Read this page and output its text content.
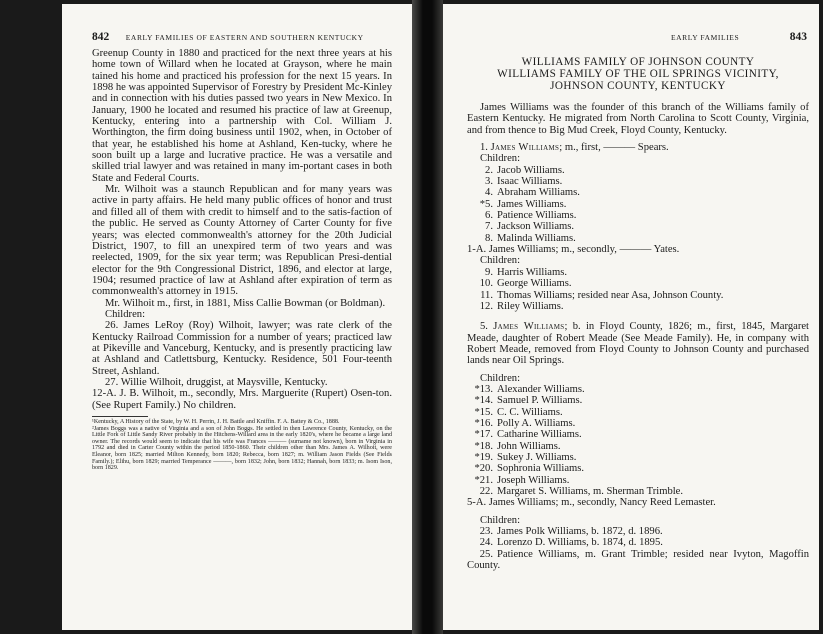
842 EARLY FAMILIES OF EASTERN AND SOUTHERN KENTUCKY

Greenup County in 1880 and practiced for the next three years at his home town of Willard when he located at Grayson, where he main tained his home and practiced his profession for the next 15 years. In 1898 he was appointed Supervisor of Forestry by President Mc-Kinley and in connection with his duties passed two years in New Mexico. In January, 1900 he located and resumed his practice of law at Greenup, Kentucky, entering into a partnership with Col. William J. Worthington, the firm doing business until 1902, when, in October of that year, he established his home at Ashland, Ken-tucky, where he soon built up a large and lucrative practice. He was a versatile and skilled trial lawyer and was retained in many im-portant cases in both State and Federal Courts.

Mr. Wilhoit was a staunch Republican and for many years was active in party affairs. He held many public offices of honor and trust and filled all of them with credit to himself and to the satis-faction of the public. He served as County Attorney of Carter County for five years; was elected commonwealth's attorney for the 20th Judicial District, 1907, to fill an unexpired term of two years and was reelected, 1909, for the six year term; was Republican Presi-dential elector for the 9th Congressional District, 1896, and elector at large, 1904; resumed practice of law at Ashland after expiration of term as commonwealth's attorney in 1915.

Mr. Wilhoit m., first, in 1881, Miss Callie Bowman (or Boldman).

Children:

26. James LeRoy (Roy) Wilhoit, lawyer; was rate clerk of the Kentucky Railroad Commission for a number of years; practiced law at Pikeville and Vanceburg, Kentucky, and is presently practicing law at Ashland and Catlettsburg, Kentucky. Residence, 501 Four-teenth Street, Ashland.

27. Willie Wilhoit, druggist, at Maysville, Kentucky.

12-A. J. B. Wilhoit, m., secondly, Mrs. Marguerite (Rupert) Osen-ton. (See Rupert Family.) No children.

¹Kentucky, A History of the State, by W. H. Perrin, J. H. Battle and Kniffin. F. A. Battey & Co., 1888.

²James Boggs was a native of Virginia and a son of John Boggs. He settled in then Lawrence County, Kentucky, on the Little Fork of Little Sandy River probably in the Hitchens-Willard area in the early 1820's, where he became a large land owner. The records would seem to indicate that his wife was Frances ——— (surname not known), born in Virginia in 1792 and died in Carter County within the period 1850-1860. Their children other than Mrs. James A. Wilhoit, were Eleanor, born 1825; married Milton Kennedy, born 1820; Rebecca, born 1827; m. William Jason Fields (See Fields Family.); Elihu, born 1829; married Temperance ———, born 1832; John, born 1832; Hannah, born 1833; m. Isom Ison, born 1829.

EARLY FAMILIES	843
WILLIAMS FAMILY OF JOHNSON COUNTY
WILLIAMS FAMILY OF THE OIL SPRINGS VICINITY,
JOHNSON COUNTY, KENTUCKY

James Williams was the founder of this branch of the Williams family of Eastern Kentucky. He migrated from North Carolina to Scott County, Virginia, and from thence to Big Mud Creek, Floyd County, Kentucky.

1. James Williams; m., first, ——— Spears.

Children:

2. Jacob Williams.

3. Isaac Williams.

4. Abraham Williams.

*5. James Williams.

6. Patience Williams.

7. Jackson Williams.

8. Malinda Williams.

1-A. James Williams; m., secondly, ——— Yates.

Children:

9. Harris Williams.

10. George Williams.

11. Thomas Williams; resided near Asa, Johnson County.

12. Riley Williams.

5. James Williams; b. in Floyd County, 1826; m., first, 1845, Margaret Meade, daughter of Robert Meade (See Meade Family). He, in company with Robert Meade, removed from Floyd County to Johnson County and purchased lands near Oil Springs.

Children:

*13. Alexander Williams.

*14. Samuel P. Williams.

*15. C. C. Williams.

*16. Polly A. Williams.

*17. Catharine Williams.

*18. John Williams.

*19. Sukey J. Williams.

*20. Sophronia Williams.

*21. Joseph Williams.

22. Margaret S. Williams, m. Sherman Trimble.

5-A. James Williams; m., secondly, Nancy Reed Lemaster.

Children:

23. James Polk Williams, b. 1872, d. 1896.

24. Lorenzo D. Williams, b. 1874, d. 1895.

25. Patience Williams, m. Grant Trimble; resided near Ivyton, Magoffin County.
